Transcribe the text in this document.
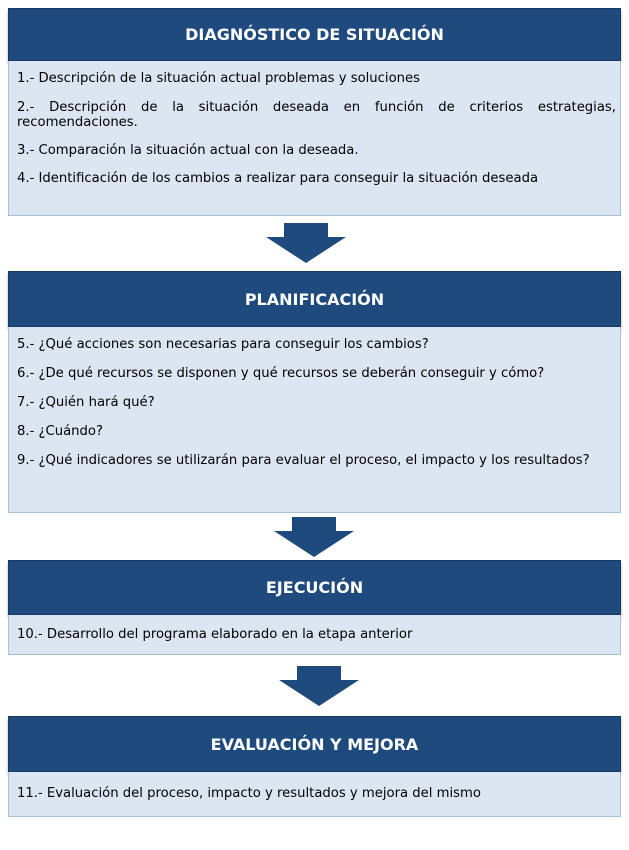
DIAGNÓSTICO DE SITUACIÓN
1.- Descripción de la situación actual problemas y soluciones
2.- Descripción de la situación deseada en función de criterios estrategias, recomendaciones.
3.- Comparación la situación actual con la deseada.
4.- Identificación de los cambios a realizar para conseguir la situación deseada
PLANIFICACIÓN
5.- ¿Qué acciones son necesarias para conseguir los cambios?
6.- ¿De qué recursos se disponen y qué recursos se deberán conseguir y cómo?
7.- ¿Quién hará qué?
8.- ¿Cuándo?
9.- ¿Qué indicadores se utilizarán para evaluar el proceso, el impacto y los resultados?
EJECUCIÓN
10.- Desarrollo del programa elaborado en la etapa anterior
EVALUACIÓN Y MEJORA
11.- Evaluación del proceso, impacto y resultados y mejora del mismo
